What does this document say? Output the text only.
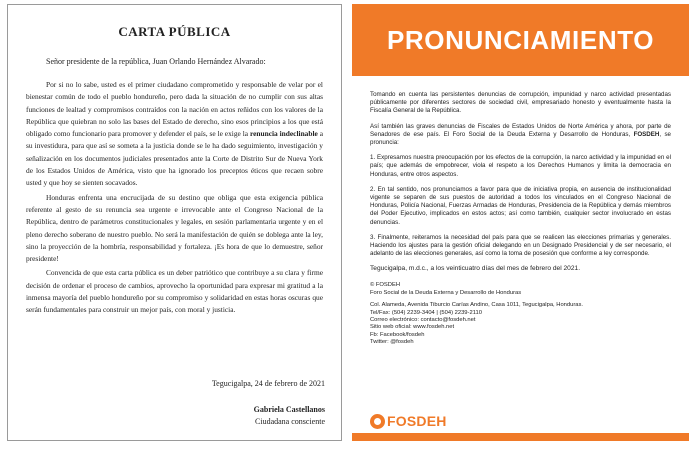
CARTA PÚBLICA
Señor presidente de la república, Juan Orlando Hernández Alvarado:

Por si no lo sabe, usted es el primer ciudadano comprometido y responsable de velar por el bienestar común de todo el pueblo hondureño, pero dada la situación de no cumplir con sus altas funciones de lealtad y compromisos contraídos con la nación en actos reñidos con los valores de la República que quiebran no solo las bases del Estado de derecho, sino esos principios a los que está obligado como funcionario para promover y defender el país, se le exige la renuncia indeclinable a su investidura, para que así se someta a la justicia donde se le ha dado seguimiento, investigación y señalización en los documentos judiciales presentados ante la Corte de Distrito Sur de Nueva York de los Estados Unidos de América, visto que ha ignorado los preceptos éticos que recaen sobre usted y que hoy se sienten socavados.

Honduras enfrenta una encrucijada de su destino que obliga que esta exigencia pública referente al gesto de su renuncia sea urgente e irrevocable ante el Congreso Nacional de la República, dentro de parámetros constitucionales y legales, en sesión parlamentaria urgente y en el pleno derecho soberano de nuestro pueblo. No será la manifestación de quién se doblega ante la ley, sino la proyección de la hombría, responsabilidad y fortaleza. ¡Es hora de que lo demuestre, señor presidente!

Convencida de que esta carta pública es un deber patriótico que contribuye a su clara y firme decisión de ordenar el proceso de cambios, aprovecho la oportunidad para expresar mi gratitud a la inmensa mayoría del pueblo hondureño por su compromiso y solidaridad en estas horas oscuras que serán fundamentales para construir un mejor país, con moral y justicia.

Tegucigalpa, 24 de febrero de 2021
Gabriela Castellanos
Ciudadana consciente
PRONUNCIAMIENTO

Tomando en cuenta las persistentes denuncias de corrupción, impunidad y narco actividad presentadas públicamente por diferentes sectores de sociedad civil, empresariado honesto y eventualmente hasta la Fiscalía General de la República.

Así también las graves denuncias de Fiscales de Estados Unidos de Norte América y ahora, por parte de Senadores de ese país. El Foro Social de la Deuda Externa y Desarrollo de Honduras, FOSDEH, se pronuncia:

1. Expresamos nuestra preocupación por los efectos de la corrupción, la narco actividad y la impunidad en el país; que además de empobrecer, viola el respeto a los Derechos Humanos y limita la democracia en Honduras, entre otros aspectos.

2. En tal sentido, nos pronunciamos a favor para que de iniciativa propia, en ausencia de institucionalidad vigente se separen de sus puestos de autoridad a todos los vinculados en el Congreso Nacional de Honduras, Policía Nacional, Fuerzas Armadas de Honduras, Presidencia de la República y demás miembros del Poder Ejecutivo, implicados en estos actos; así como también, cualquier sector involucrado en estas denuncias.

3. Finalmente, reiteramos la necesidad del país para que se realicen las elecciones primarias y generales. Haciendo los ajustes para la gestión oficial delegando en un Designado Presidencial y de ser necesario, el adelanto de las elecciones generales, así como la toma de posesión que conforme a ley corresponde.

Tegucigalpa, m.d.c., a los veinticuatro días del mes de febrero del 2021.

© FOSDEH
Foro Social de la Deuda Externa y Desarrollo de Honduras
Col. Alameda, Avenida Tiburcio Carías Andino, Casa 1011, Tegucigalpa, Honduras.
Tel/Fax: (504) 2239-3404 | (504) 2239-2110
Correo electrónico: contacto@fosdeh.net
Sitio web oficial: www.fosdeh.net
Fb: Facebook/fosdeh
Twitter: @fosdeh
FOSDEH
